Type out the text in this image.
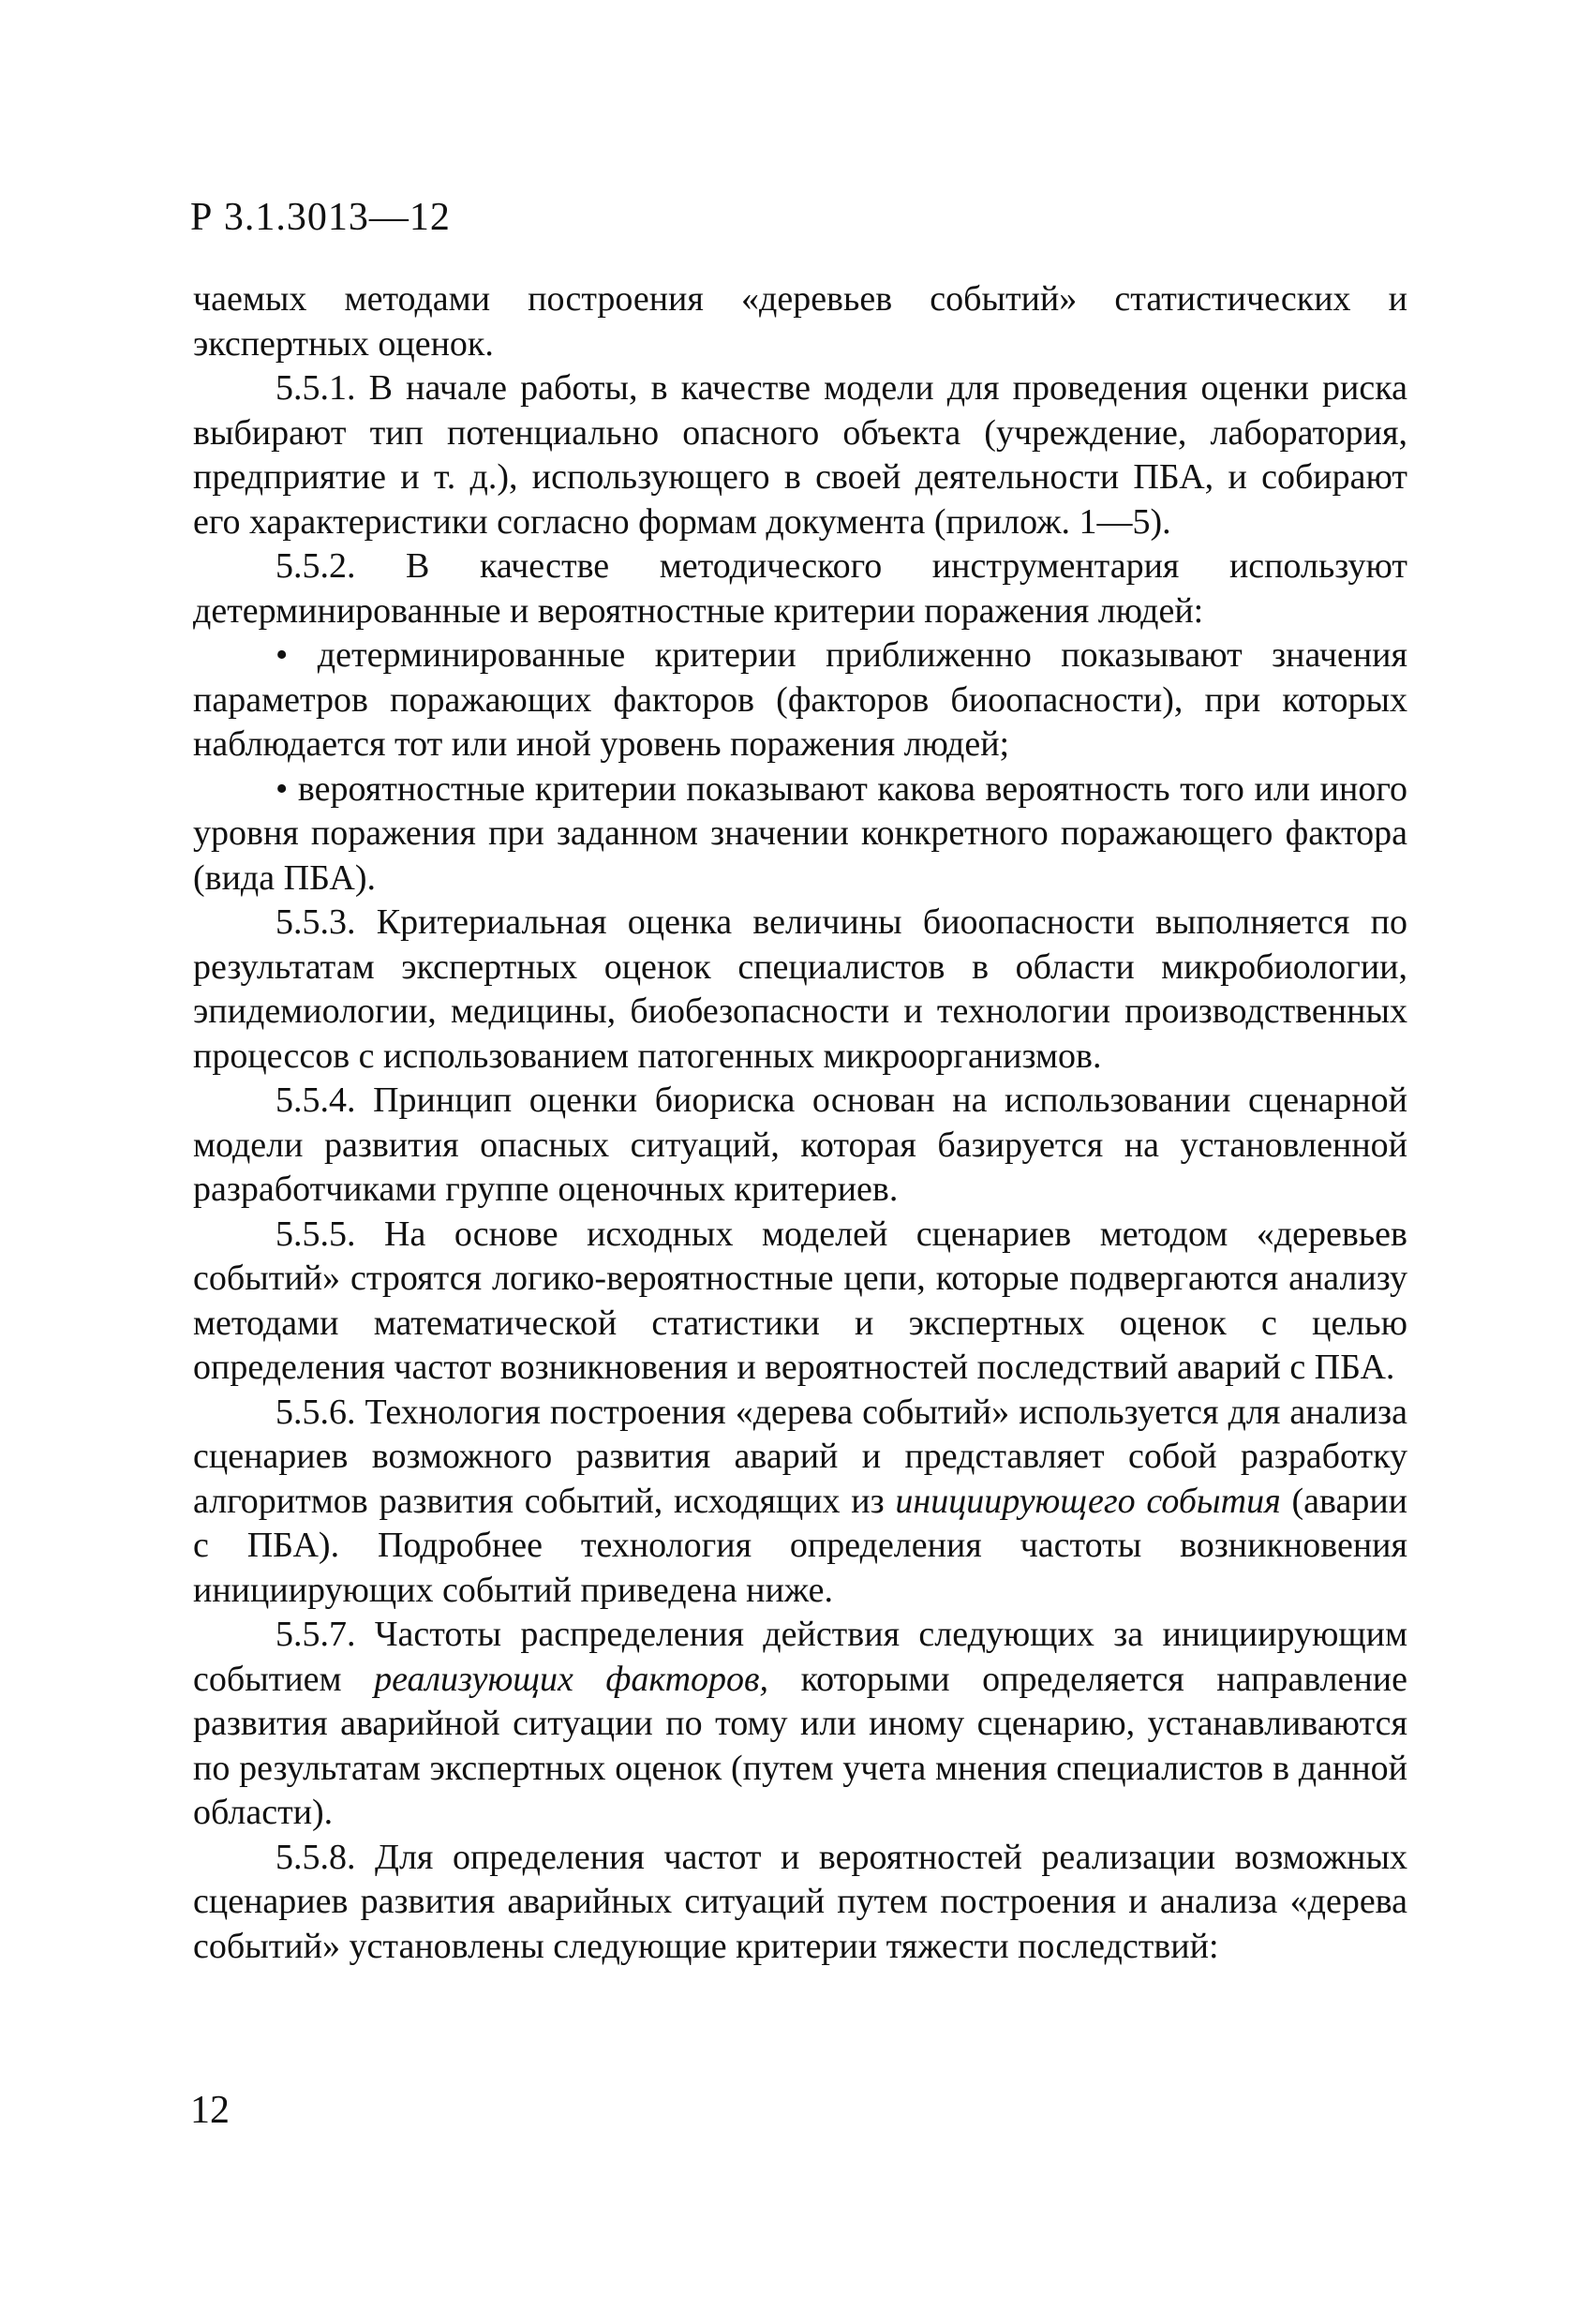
Р 3.1.3013—12

чаемых методами построения «деревьев событий» статистических и экспертных оценок.

5.5.1. В начале работы, в качестве модели для проведения оценки риска выбирают тип потенциально опасного объекта (учреждение, лаборатория, предприятие и т. д.), использующего в своей деятельности ПБА, и собирают его характеристики согласно формам документа (прилож. 1—5).

5.5.2. В качестве методического инструментария используют детерминированные и вероятностные критерии поражения людей:

• детерминированные критерии приближенно показывают значения параметров поражающих факторов (факторов биоопасности), при которых наблюдается тот или иной уровень поражения людей;

• вероятностные критерии показывают какова вероятность того или иного уровня поражения при заданном значении конкретного поражающего фактора (вида ПБА).

5.5.3. Критериальная оценка величины биоопасности выполняется по результатам экспертных оценок специалистов в области микробиологии, эпидемиологии, медицины, биобезопасности и технологии производственных процессов с использованием патогенных микроорганизмов.

5.5.4. Принцип оценки биориска основан на использовании сценарной модели развития опасных ситуаций, которая базируется на установленной разработчиками группе оценочных критериев.

5.5.5. На основе исходных моделей сценариев методом «деревьев событий» строятся логико-вероятностные цепи, которые подвергаются анализу методами математической статистики и экспертных оценок с целью определения частот возникновения и вероятностей последствий аварий с ПБА.

5.5.6. Технология построения «дерева событий» используется для анализа сценариев возможного развития аварий и представляет собой разработку алгоритмов развития событий, исходящих из инициирующего события (аварии с ПБА). Подробнее технология определения частоты возникновения инициирующих событий приведена ниже.

5.5.7. Частоты распределения действия следующих за инициирующим событием реализующих факторов, которыми определяется направление развития аварийной ситуации по тому или иному сценарию, устанавливаются по результатам экспертных оценок (путем учета мнения специалистов в данной области).

5.5.8. Для определения частот и вероятностей реализации возможных сценариев развития аварийных ситуаций путем построения и анализа «дерева событий» установлены следующие критерии тяжести последствий:

12
